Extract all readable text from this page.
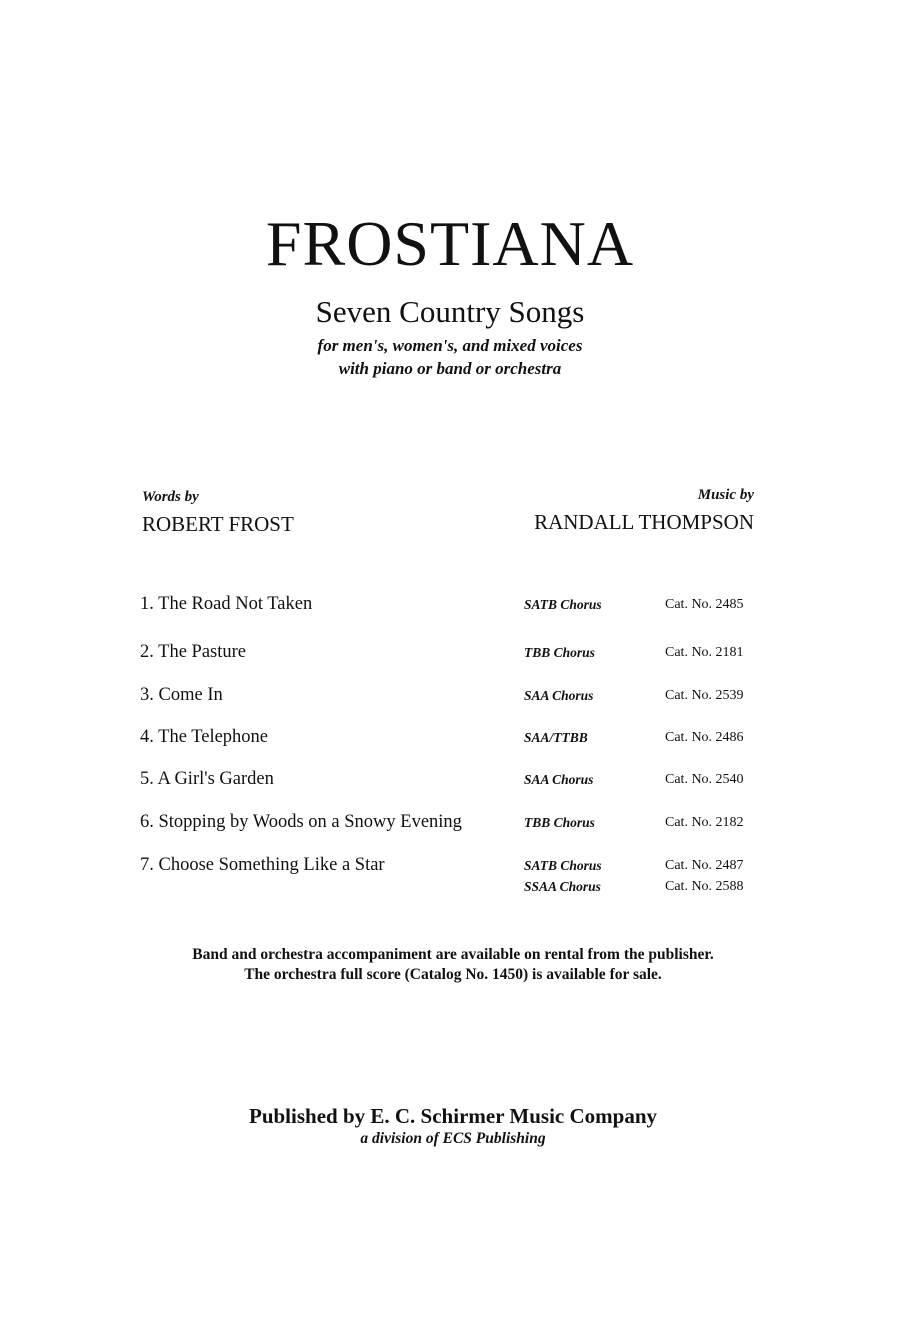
FROSTIANA
Seven Country Songs
for men's, women's, and mixed voices
with piano or band or orchestra
Words by
ROBERT FROST
Music by
RANDALL THOMPSON
1. The Road Not Taken	SATB Chorus	Cat. No. 2485
2. The Pasture	TBB Chorus	Cat. No. 2181
3. Come In	SAA Chorus	Cat. No. 2539
4. The Telephone	SAA/TTBB	Cat. No. 2486
5. A Girl's Garden	SAA Chorus	Cat. No. 2540
6. Stopping by Woods on a Snowy Evening	TBB Chorus	Cat. No. 2182
7. Choose Something Like a Star	SATB Chorus	Cat. No. 2487
SSAA Chorus	Cat. No. 2588
Band and orchestra accompaniment are available on rental from the publisher.
The orchestra full score (Catalog No. 1450) is available for sale.
Published by E. C. Schirmer Music Company
a division of ECS Publishing
